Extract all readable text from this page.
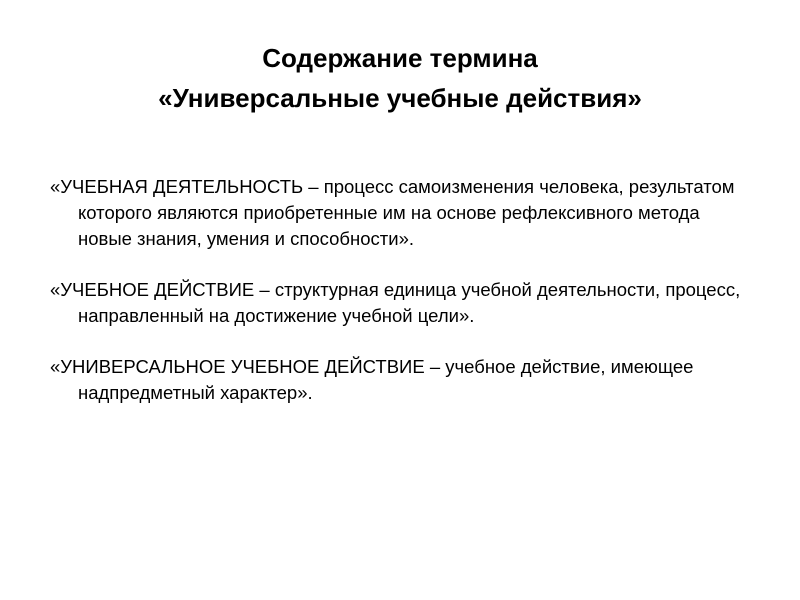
Содержание термина
«Универсальные учебные действия»

«УЧЕБНАЯ ДЕЯТЕЛЬНОСТЬ – процесс самоизменения человека, результатом которого являются приобретенные им на основе рефлексивного метода новые знания, умения и способности».

«УЧЕБНОЕ ДЕЙСТВИЕ – структурная единица учебной деятельности, процесс, направленный на достижение учебной цели».

«УНИВЕРСАЛЬНОЕ УЧЕБНОЕ ДЕЙСТВИЕ – учебное действие, имеющее надпредметный характер».
